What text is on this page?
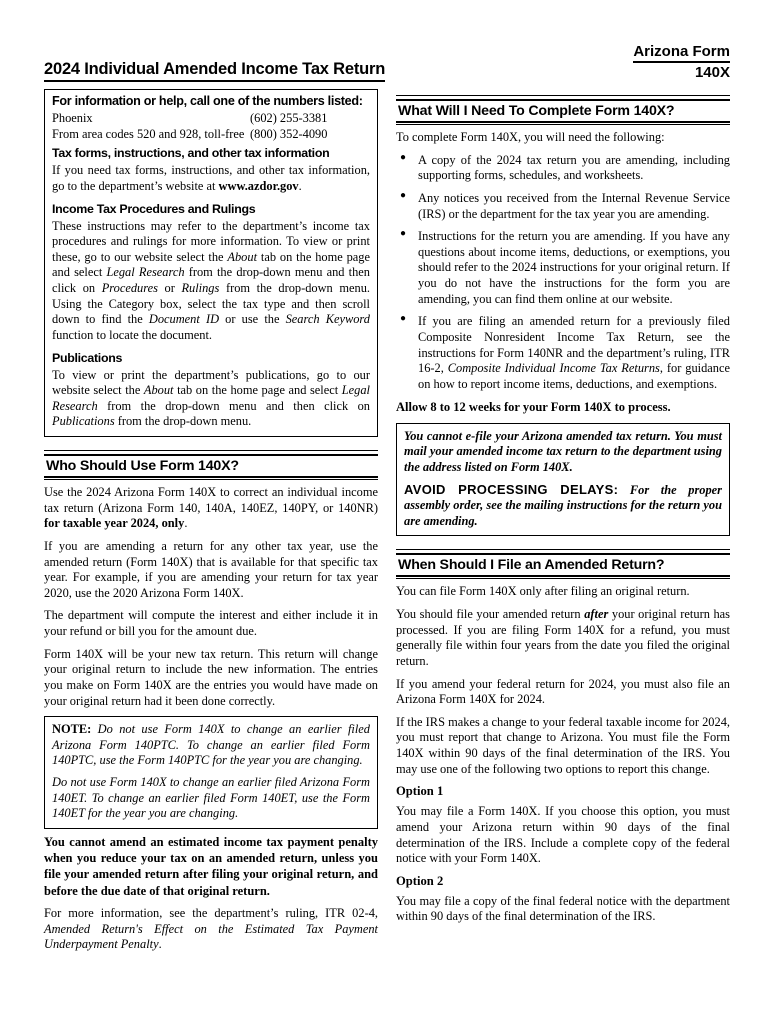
2024 Individual Amended Income Tax Return
Arizona Form
140X

For information or help, call one of the numbers listed:

Phoenix	(602) 255-3381
From area codes 520 and 928, toll-free (800) 352-4090

Tax forms, instructions, and other tax information

If you need tax forms, instructions, and other tax information, go to the department’s website at www.azdor.gov.

Income Tax Procedures and Rulings

These instructions may refer to the department’s income tax procedures and rulings for more information. To view or print these, go to our website select the About tab on the home page and select Legal Research from the drop-down menu and then click on Procedures or Rulings from the drop-down menu. Using the Category box, select the tax type and then scroll down to find the Document ID or use the Search Keyword function to locate the document.

Publications

To view or print the department’s publications, go to our website select the About tab on the home page and select Legal Research from the drop-down menu and then click on Publications from the drop-down menu.

Who Should Use Form 140X?

Use the 2024 Arizona Form 140X to correct an individual income tax return (Arizona Form 140, 140A, 140EZ, 140PY, or 140NR) for taxable year 2024, only.

If you are amending a return for any other tax year, use the amended return (Form 140X) that is available for that specific tax year. For example, if you are amending your return for tax year 2020, use the 2020 Arizona Form 140X.

The department will compute the interest and either include it in your refund or bill you for the amount due.

Form 140X will be your new tax return. This return will change your original return to include the new information. The entries you make on Form 140X are the entries you would have made on your original return had it been done correctly.

NOTE: Do not use Form 140X to change an earlier filed Arizona Form 140PTC. To change an earlier filed Form 140PTC, use the Form 140PTC for the year you are changing.

Do not use Form 140X to change an earlier filed Arizona Form 140ET. To change an earlier filed Form 140ET, use the Form 140ET for the year you are changing.

You cannot amend an estimated income tax payment penalty when you reduce your tax on an amended return, unless you file your amended return after filing your original return, and before the due date of that original return.

For more information, see the department’s ruling, ITR 02-4, Amended Return's Effect on the Estimated Tax Payment Underpayment Penalty.

What Will I Need To Complete Form 140X?

To complete Form 140X, you will need the following:

● A copy of the 2024 tax return you are amending, including supporting forms, schedules, and worksheets.
● Any notices you received from the Internal Revenue Service (IRS) or the department for the tax year you are amending.
● Instructions for the return you are amending. If you have any questions about income items, deductions, or exemptions, you should refer to the 2024 instructions for your original return. If you do not have the instructions for the form you are amending, you can find them online at our website.
● If you are filing an amended return for a previously filed Composite Nonresident Income Tax Return, see the instructions for Form 140NR and the department’s ruling, ITR 16-2, Composite Individual Income Tax Returns, for guidance on how to report income items, deductions, and exemptions.

Allow 8 to 12 weeks for your Form 140X to process.

You cannot e-file your Arizona amended tax return. You must mail your amended income tax return to the department using the address listed on Form 140X.

AVOID PROCESSING DELAYS: For the proper assembly order, see the mailing instructions for the return you are amending.

When Should I File an Amended Return?

You can file Form 140X only after filing an original return.

You should file your amended return after your original return has processed. If you are filing Form 140X for a refund, you must generally file within four years from the date you filed the original return.

If you amend your federal return for 2024, you must also file an Arizona Form 140X for 2024.

If the IRS makes a change to your federal taxable income for 2024, you must report that change to Arizona. You must file the Form 140X within 90 days of the final determination of the IRS. You may use one of the following two options to report this change.

Option 1

You may file a Form 140X. If you choose this option, you must amend your Arizona return within 90 days of the final determination of the IRS. Include a complete copy of the federal notice with your Form 140X.

Option 2

You may file a copy of the final federal notice with the department within 90 days of the final determination of the IRS.
